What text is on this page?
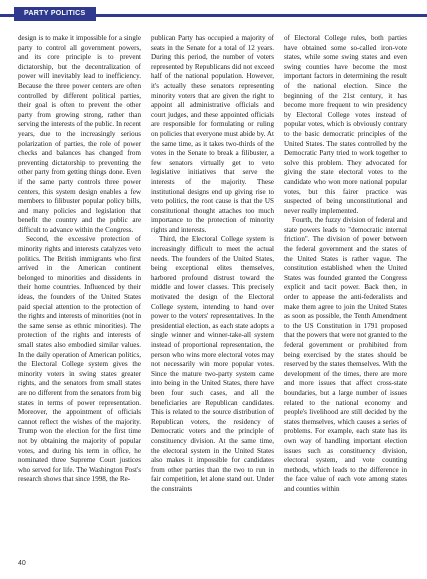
PARTY POLITICS

design is to make it impossible for a single party to control all government powers, and its core principle is to prevent dictatorship, but the decentralization of power will inevitably lead to inefficiency. Because the three power centers are often controlled by different political parties, their goal is often to prevent the other party from growing strong, rather than serving the interests of the public. In recent years, due to the increasingly serious polarization of parties, the role of power checks and balances has changed from preventing dictatorship to preventing the other party from getting things done. Even if the same party controls three power centers, this system design enables a few members to filibuster popular policy bills, and many policies and legislation that benefit the country and the public are difficult to advance within the Congress.

Second, the excessive protection of minority rights and interests catalyzes veto politics. The British immigrants who first arrived in the American continent belonged to minorities and dissidents in their home countries. Influenced by their ideas, the founders of the United States paid special attention to the protection of the rights and interests of minorities (not in the same sense as ethnic minorities). The protection of the rights and interests of small states also embodied similar values. In the daily operation of American politics, the Electoral College system gives the minority voters in swing states greater rights, and the senators from small states are no different from the senators from big states in terms of power representation. Moreover, the appointment of officials cannot reflect the wishes of the majority. Trump won the election for the first time not by obtaining the majority of popular votes, and during his term in office, he nominated three Supreme Court justices who served for life. The Washington Post's research shows that since 1998, the Re-

publican Party has occupied a majority of seats in the Senate for a total of 12 years. During this period, the number of voters represented by Republicans did not exceed half of the national population. However, it's actually these senators representing minority voters that are given the right to appoint all administrative officials and court judges, and these appointed officials are responsible for formulating or ruling on policies that everyone must abide by. At the same time, as it takes two-thirds of the votes in the Senate to break a filibuster, a few senators virtually get to veto legislative initiatives that serve the interests of the majority. These institutional designs end up giving rise to veto politics, the root cause is that the US constitutional thought attaches too much importance to the protection of minority rights and interests.

Third, the Electoral College system is increasingly difficult to meet the actual needs. The founders of the United States, being exceptional elites themselves, harbored profound distrust toward the middle and lower classes. This precisely motivated the design of the Electoral College system, intending to hand over power to the voters' representatives. In the presidential election, as each state adopts a single winner and winner-take-all system instead of proportional representation, the person who wins more electoral votes may not necessarily win more popular votes. Since the mature two-party system came into being in the United States, there have been four such cases, and all the beneficiaries are Republican candidates. This is related to the source distribution of Republican voters, the residency of Democratic voters and the principle of constituency division. At the same time, the electoral system in the United States also makes it impossible for candidates from other parties than the two to run in fair competition, let alone stand out. Under the constraints

of Electoral College rules, both parties have obtained some so-called iron-vote states, while some swing states and even swing counties have become the most important factors in determining the result of the national election. Since the beginning of the 21st century, it has become more frequent to win presidency by Electoral College votes instead of popular votes, which is obviously contrary to the basic democratic principles of the United States. The states controlled by the Democratic Party tried to work together to solve this problem. They advocated for giving the state electoral votes to the candidate who won more national popular votes, but this fairer practice was suspected of being unconstitutional and never really implemented.

Fourth, the fuzzy division of federal and state powers leads to "democratic internal friction". The division of power between the federal government and the states of the United States is rather vague. The constitution established when the United States was founded granted the Congress explicit and tacit power. Back then, in order to appease the anti-federalists and make them agree to join the United States as soon as possible, the Tenth Amendment to the US Constitution in 1791 proposed that the powers that were not granted to the federal government or prohibited from being exercised by the states should be reserved by the states themselves. With the development of the times, there are more and more issues that affect cross-state boundaries, but a large number of issues related to the national economy and people's livelihood are still decided by the states themselves, which causes a series of problems. For example, each state has its own way of handling important election issues such as constituency division, electoral system, and vote counting methods, which leads to the difference in the face value of each vote among states and counties within

40
